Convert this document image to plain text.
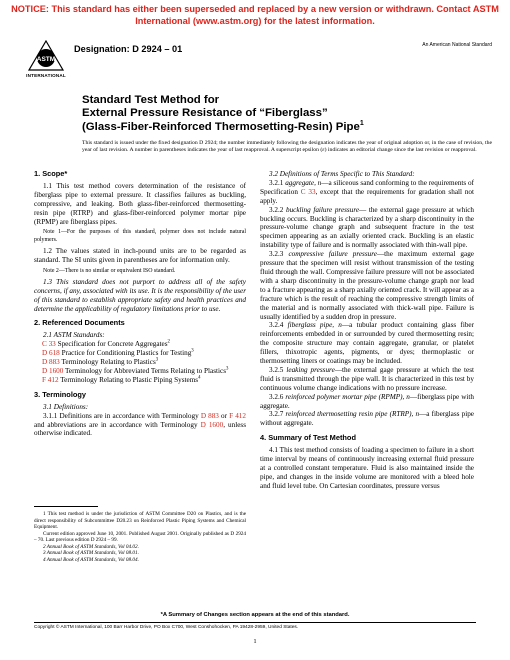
NOTICE: This standard has either been superseded and replaced by a new version or withdrawn. Contact ASTM
International (www.astm.org) for the latest information.
ASTM
INTERNATIONAL
Designation: D 2924 – 01	An American National Standard
Standard Test Method for
External Pressure Resistance of “Fiberglass”
(Glass-Fiber-Reinforced Thermosetting-Resin) Pipe$^1$
This standard is issued under the fixed designation D 2924; the number immediately following the designation indicates the year of original adoption or, in the case of revision, the year of last revision. A number in parentheses indicates the year of last reapproval. A superscript epsilon (ε) indicates an editorial change since the last revision or reapproval.

1. Scope*

1.1 This test method covers determination of the resistance of fiberglass pipe to external pressure. It classifies failures as buckling, compressive, and leaking. Both glass-fiber-reinforced thermosetting-resin pipe (RTRP) and glass-fiber-reinforced polymer mortar pipe (RPMP) are fiberglass pipes.

Note 1—For the purposes of this standard, polymer does not include natural polymers.

1.2 The values stated in inch-pound units are to be regarded as standard. The SI units given in parentheses are for information only.

Note 2—There is no similar or equivalent ISO standard.

1.3 This standard does not purport to address all of the safety concerns, if any, associated with its use. It is the responsibility of the user of this standard to establish appropriate safety and health practices and determine the applicability of regulatory limitations prior to use.

2. Referenced Documents

2.1 ASTM Standards:

C 33 Specification for Concrete Aggregates$^2$

D 618 Practice for Conditioning Plastics for Testing$^3$

D 883 Terminology Relating to Plastics$^3$

D 1600 Terminology for Abbreviated Terms Relating to Plastics$^3$

F 412 Terminology Relating to Plastic Piping Systems$^4$

3. Terminology

3.1 Definitions:

3.1.1 Definitions are in accordance with Terminology D 883 or F 412 and abbreviations are in accordance with Terminology D 1600, unless otherwise indicated.

1 This test method is under the jurisdiction of ASTM Committee D20 on Plastics, and is the direct responsibility of Subcommittee D20.23 on Reinforced Plastic Piping Systems and Chemical Equipment.

Current edition approved June 10, 2001. Published August 2001. Originally published as D 2924 – 70. Last previous edition D 2924 – 99.

2 Annual Book of ASTM Standards, Vol 04.02.

3 Annual Book of ASTM Standards, Vol 08.01.

4 Annual Book of ASTM Standards, Vol 08.04.

3.2 Definitions of Terms Specific to This Standard:

3.2.1 aggregate, n—a siliceous sand conforming to the requirements of Specification C 33, except that the requirements for gradation shall not apply.

3.2.2 buckling failure pressure— the external gage pressure at which buckling occurs. Buckling is characterized by a sharp discontinuity in the pressure-volume change graph and subsequent fracture in the test specimen appearing as an axially oriented crack. Buckling is an elastic instability type of failure and is normally associated with thin-wall pipe.

3.2.3 compressive failure pressure—the maximum external gage pressure that the specimen will resist without transmission of the testing fluid through the wall. Compressive failure pressure will not be associated with a sharp discontinuity in the pressure-volume change graph nor lead to a fracture appearing as a sharp axially oriented crack. It will appear as a fracture which is the result of reaching the compressive strength limits of the material and is normally associated with thick-wall pipe. Failure is usually identified by a sudden drop in pressure.

3.2.4 fiberglass pipe, n—a tubular product containing glass fiber reinforcements embedded in or surrounded by cured thermosetting resin; the composite structure may contain aggregate, granular, or platelet fillers, thixotropic agents, pigments, or dyes; thermoplastic or thermosetting liners or coatings may be included.

3.2.5 leaking pressure—the external gage pressure at which the test fluid is transmitted through the pipe wall. It is characterized in this test by continuous volume change indications with no pressure increase.

3.2.6 reinforced polymer mortar pipe (RPMP), n—fiberglass pipe with aggregate.

3.2.7 reinforced thermosetting resin pipe (RTRP), n—a fiberglass pipe without aggregate.

4. Summary of Test Method

4.1 This test method consists of loading a specimen to failure in a short time interval by means of continuously increasing external fluid pressure at a controlled constant temperature. Fluid is also maintained inside the pipe, and changes in the inside volume are monitored with a bleed hole and fluid level tube. On Cartesian coordinates, pressure versus

*A Summary of Changes section appears at the end of this standard.
Copyright © ASTM International, 100 Barr Harbor Drive, PO Box C700, West Conshohocken, PA 19428-2959, United States.
1
